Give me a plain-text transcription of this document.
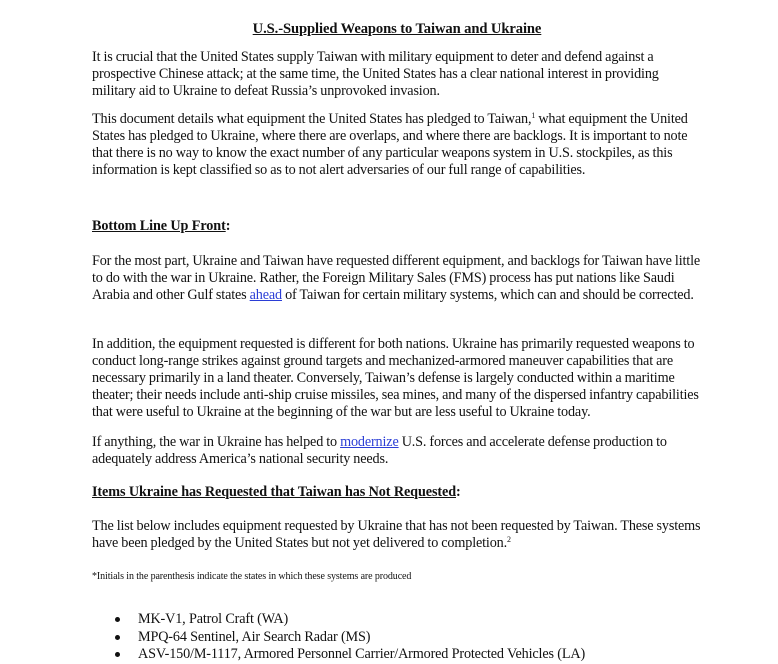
U.S.-Supplied Weapons to Taiwan and Ukraine
It is crucial that the United States supply Taiwan with military equipment to deter and defend against a prospective Chinese attack; at the same time, the United States has a clear national interest in providing military aid to Ukraine to defeat Russia’s unprovoked invasion.
This document details what equipment the United States has pledged to Taiwan,$^1$ what equipment the United States has pledged to Ukraine, where there are overlaps, and where there are backlogs. It is important to note that there is no way to know the exact number of any particular weapons system in U.S. stockpiles, as this information is kept classified so as to not alert adversaries of our full range of capabilities.
Bottom Line Up Front:
For the most part, Ukraine and Taiwan have requested different equipment, and backlogs for Taiwan have little to do with the war in Ukraine. Rather, the Foreign Military Sales (FMS) process has put nations like Saudi Arabia and other Gulf states ahead of Taiwan for certain military systems, which can and should be corrected.
In addition, the equipment requested is different for both nations. Ukraine has primarily requested weapons to conduct long-range strikes against ground targets and mechanized-armored maneuver capabilities that are necessary primarily in a land theater. Conversely, Taiwan’s defense is largely conducted within a maritime theater; their needs include anti-ship cruise missiles, sea mines, and many of the dispersed infantry capabilities that were useful to Ukraine at the beginning of the war but are less useful to Ukraine today.
If anything, the war in Ukraine has helped to modernize U.S. forces and accelerate defense production to adequately address America’s national security needs.
Items Ukraine has Requested that Taiwan has Not Requested:
The list below includes equipment requested by Ukraine that has not been requested by Taiwan. These systems have been pledged by the United States but not yet delivered to completion.$^2$
*Initials in the parenthesis indicate the states in which these systems are produced
MK-V1, Patrol Craft (WA)
MPQ-64 Sentinel, Air Search Radar (MS)
ASV-150/M-1117, Armored Personnel Carrier/Armored Protected Vehicles (LA)
